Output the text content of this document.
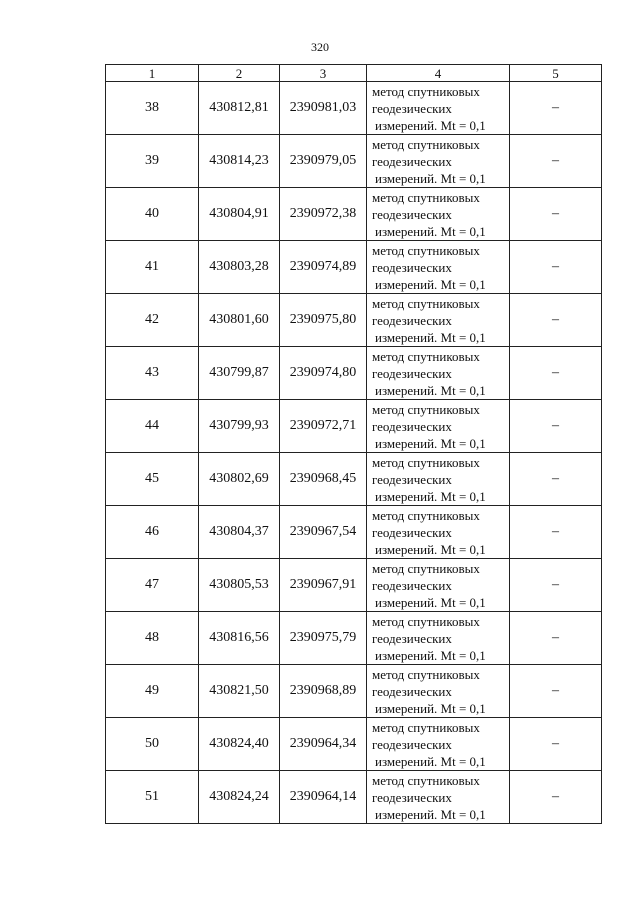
320
1	2	3	4	5
38	430812,81	2390981,03	метод спутниковых
геодезических
измерений. Mt = 0,1	–
39	430814,23	2390979,05	метод спутниковых
геодезических
измерений. Mt = 0,1	–
40	430804,91	2390972,38	метод спутниковых
геодезических
измерений. Mt = 0,1	–
41	430803,28	2390974,89	метод спутниковых
геодезических
измерений. Mt = 0,1	–
42	430801,60	2390975,80	метод спутниковых
геодезических
измерений. Mt = 0,1	–
43	430799,87	2390974,80	метод спутниковых
геодезических
измерений. Mt = 0,1	–
44	430799,93	2390972,71	метод спутниковых
геодезических
измерений. Mt = 0,1	–
45	430802,69	2390968,45	метод спутниковых
геодезических
измерений. Mt = 0,1	–
46	430804,37	2390967,54	метод спутниковых
геодезических
измерений. Mt = 0,1	–
47	430805,53	2390967,91	метод спутниковых
геодезических
измерений. Mt = 0,1	–
48	430816,56	2390975,79	метод спутниковых
геодезических
измерений. Mt = 0,1	–
49	430821,50	2390968,89	метод спутниковых
геодезических
измерений. Mt = 0,1	–
50	430824,40	2390964,34	метод спутниковых
геодезических
измерений. Mt = 0,1	–
51	430824,24	2390964,14	метод спутниковых
геодезических
измерений. Mt = 0,1	–
